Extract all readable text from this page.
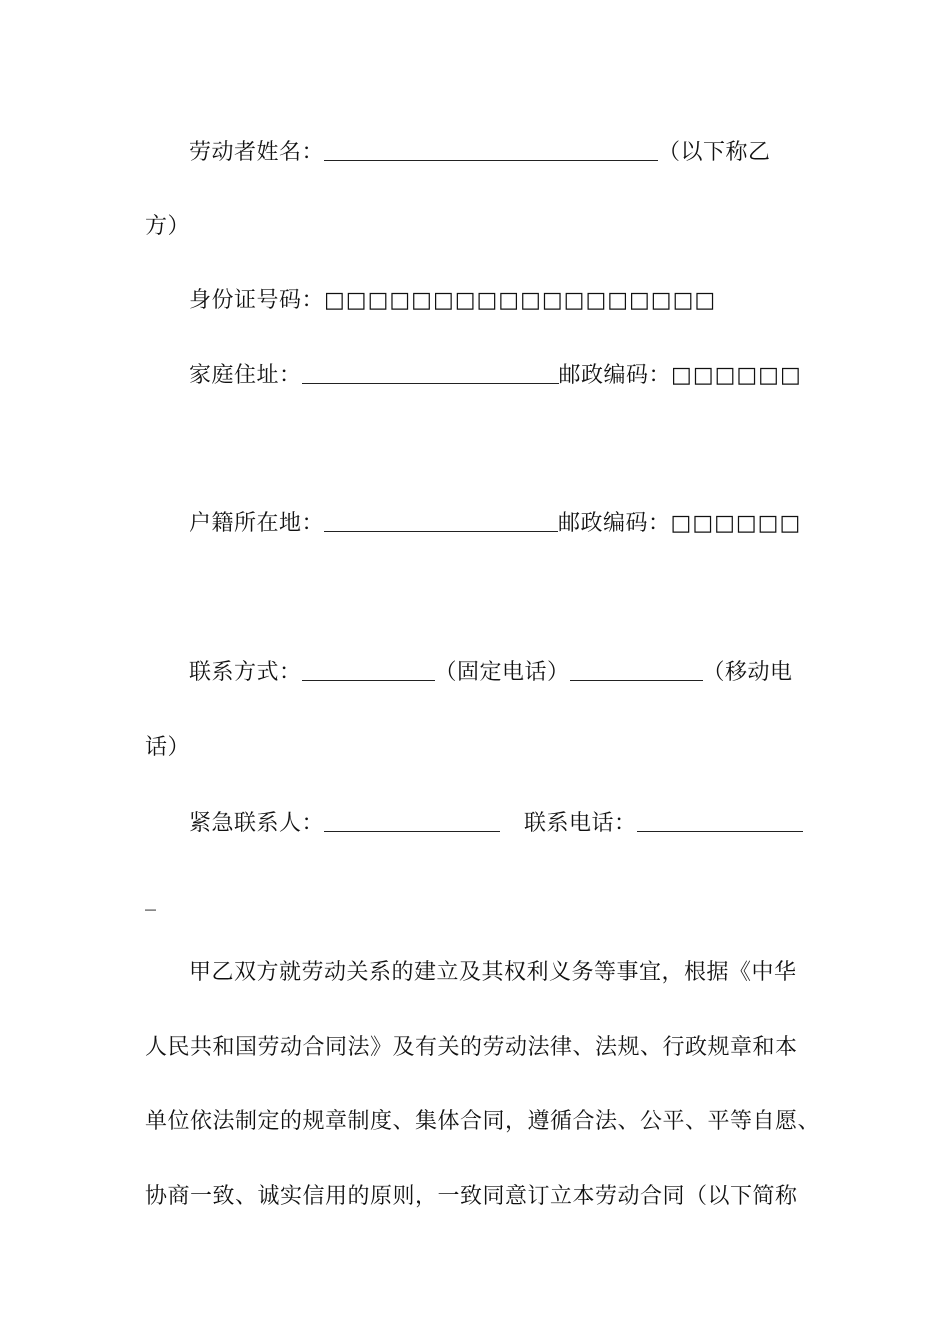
劳动者姓名：	（以下称乙
方）
身份证号码：□□□□□□□□□□□□□□□□□□
家庭住址：	邮政编码：□□□□□□
户籍所在地：	邮政编码：□□□□□□
联系方式：	（固定电话）	（移动电
话）
紧急联系人：	联系电话：
_
甲乙双方就劳动关系的建立及其权利义务等事宜，根据《中华
人民共和国劳动合同法》及有关的劳动法律、法规、行政规章和本
单位依法制定的规章制度、集体合同，遵循合法、公平、平等自愿、
协商一致、诚实信用的原则，一致同意订立本劳动合同（以下简称
